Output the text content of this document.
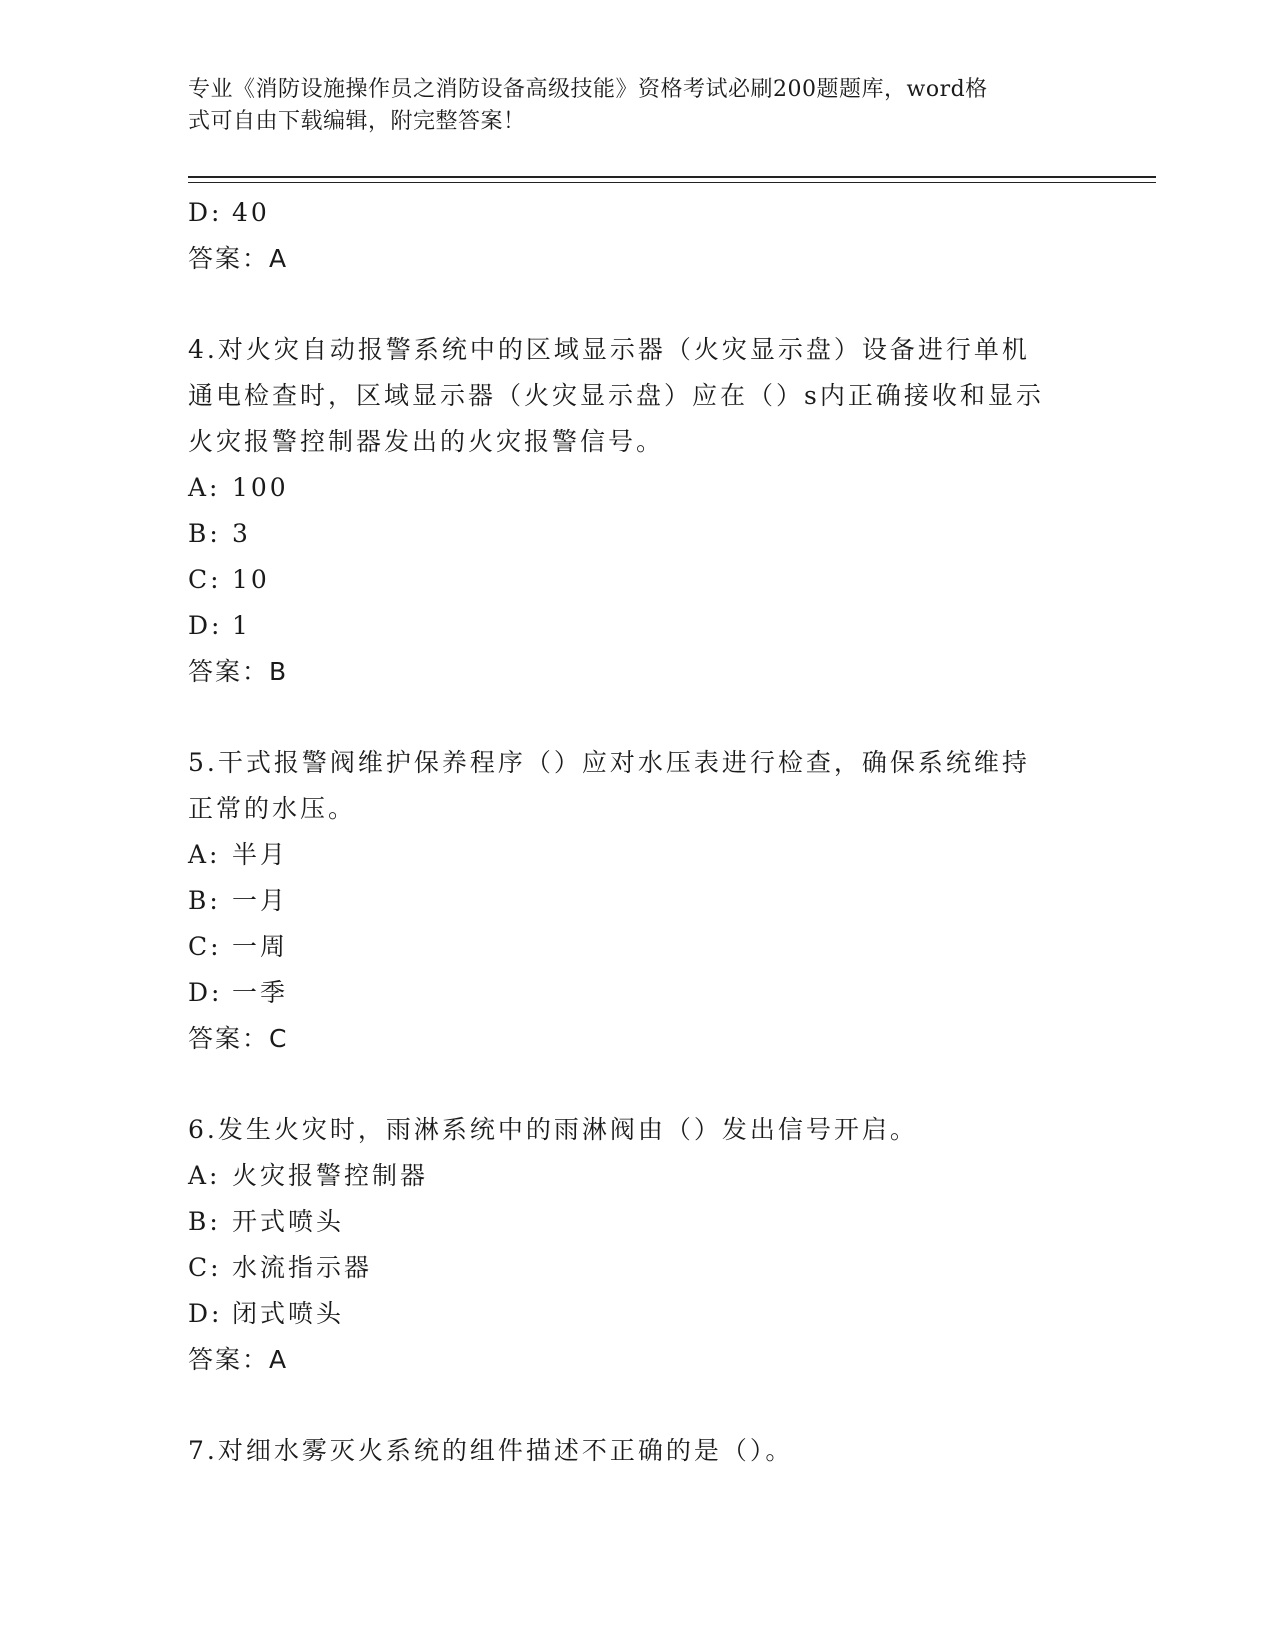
专业《消防设施操作员之消防设备高级技能》资格考试必刷200题题库，word格
式可自由下载编辑，附完整答案！
D: 40
答案：A
4.对火灾自动报警系统中的区域显示器（火灾显示盘）设备进行单机
通电检查时，区域显示器（火灾显示盘）应在（）s内正确接收和显示
火灾报警控制器发出的火灾报警信号。
A: 100
B: 3
C: 10
D: 1
答案：B
5.干式报警阀维护保养程序（）应对水压表进行检查，确保系统维持
正常的水压。
A: 半月
B: 一月
C: 一周
D: 一季
答案：C
6.发生火灾时，雨淋系统中的雨淋阀由（）发出信号开启。
A: 火灾报警控制器
B: 开式喷头
C: 水流指示器
D: 闭式喷头
答案：A
7.对细水雾灭火系统的组件描述不正确的是（）。
